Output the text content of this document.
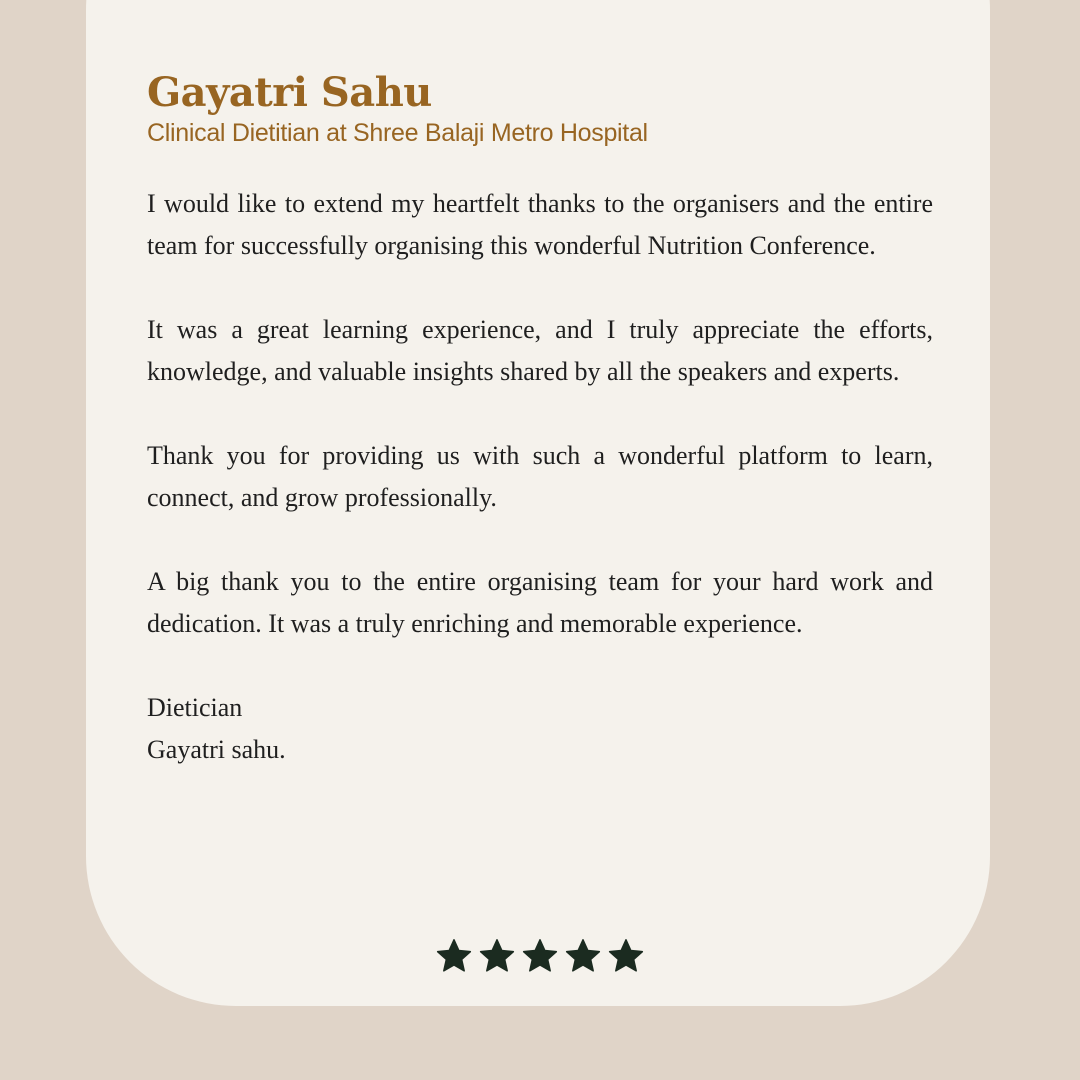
Gayatri Sahu

Clinical Dietitian at Shree Balaji Metro Hospital

I would like to extend my heartfelt thanks to the organisers and the entire team for successfully organising this wonderful Nutrition Conference.

It was a great learning experience, and I truly appreciate the efforts, knowledge, and valuable insights shared by all the speakers and experts.

Thank you for providing us with such a wonderful platform to learn, connect, and grow professionally.

A big thank you to the entire organising team for your hard work and dedication. It was a truly enriching and memorable experience.

Dietician

Gayatri sahu.
